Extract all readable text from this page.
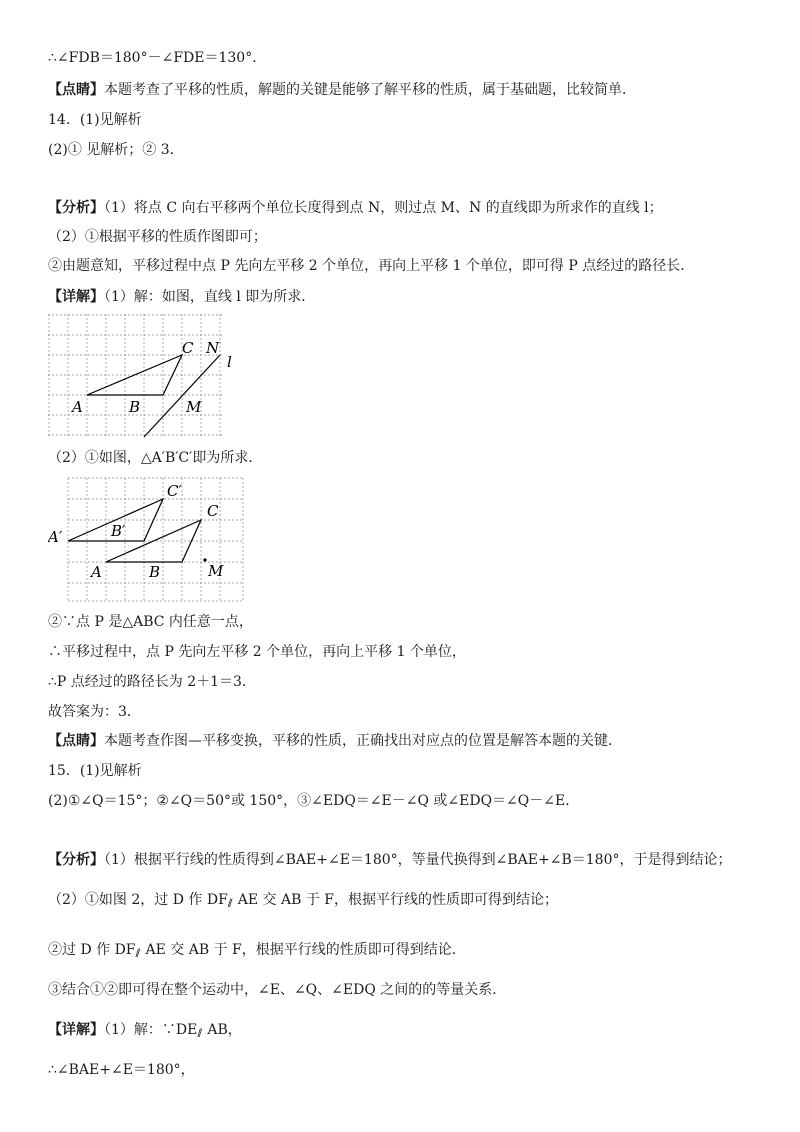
∴∠FDB＝180°－∠FDE＝130°．
【点睛】本题考查了平移的性质，解题的关键是能够了解平移的性质，属于基础题，比较简单．
14．(1)见解析
(2)① 见解析；② 3．
【分析】（1）将点 C 向右平移两个单位长度得到点 N，则过点 M、N 的直线即为所求作的直线 l；
（2）①根据平移的性质作图即可；
②由题意知，平移过程中点 P 先向左平移 2 个单位，再向上平移 1 个单位，即可得 P 点经过的路径长．
【详解】（1）解：如图，直线 l 即为所求．
A	B
C N
M
l
（2）①如图，△A′B′C′即为所求．
A′	B′
C′
A	B
C
M
②∵点 P 是△ABC 内任意一点，
∴平移过程中，点 P 先向左平移 2 个单位，再向上平移 1 个单位，
∴P 点经过的路径长为 2＋1＝3．
故答案为：3．
【点睛】本题考查作图—平移变换，平移的性质，正确找出对应点的位置是解答本题的关键．
15．(1)见解析
(2)①∠Q＝15°；②∠Q＝50°或 150°，③∠EDQ＝∠E－∠Q 或∠EDQ＝∠Q－∠E．
【分析】（1）根据平行线的性质得到∠BAE+∠E＝180°，等量代换得到∠BAE+∠B＝180°，于是得到结论；
（2）①如图 2，过 D 作 DF AE 交 AB 于 F，根据平行线的性质即可得到结论；
②过 D 作 DF AE 交 AB 于 F，根据平行线的性质即可得到结论．
③结合①②即可得在整个运动中，∠E、∠Q、∠EDQ 之间的的等量关系．
【详解】（1）解：∵DE AB，
∴∠BAE+∠E＝180°，
